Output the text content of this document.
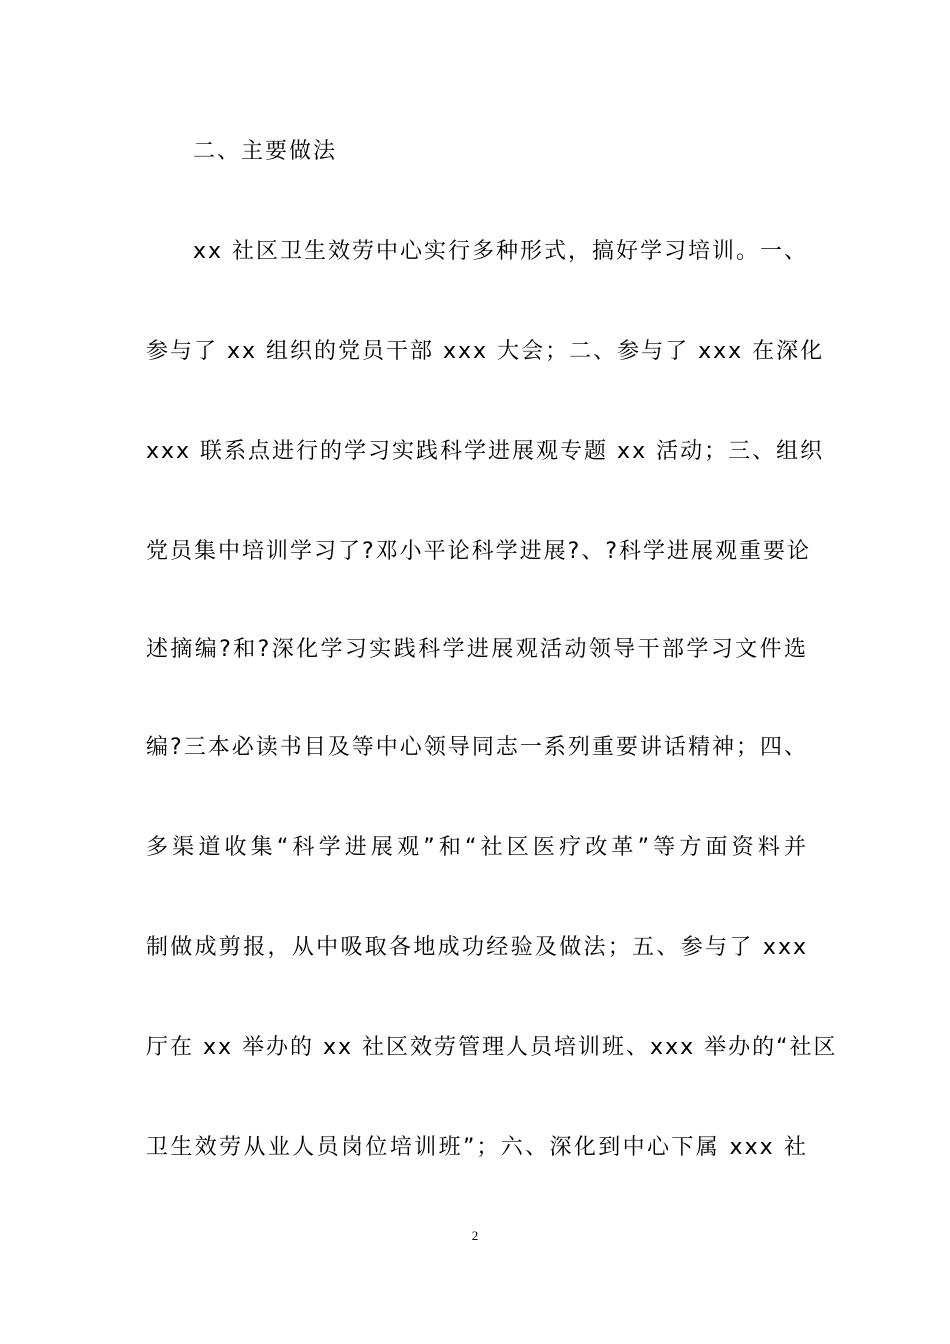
二、主要做法
xx 社区卫生效劳中心实行多种形式，搞好学习培训。一、
参与了 xx 组织的党员干部 xxx 大会；二、参与了 xxx 在深化
xxx 联系点进行的学习实践科学进展观专题 xx 活动；三、组织
党员集中培训学习了?邓小平论科学进展?、?科学进展观重要论
述摘编?和?深化学习实践科学进展观活动领导干部学习文件选
编?三本必读书目及等中心领导同志一系列重要讲话精神；四、
多渠道收集“科学进展观”和“社区医疗改革”等方面资料并
制做成剪报，从中吸取各地成功经验及做法；五、参与了 xxx
厅在 xx 举办的 xx 社区效劳管理人员培训班、xxx 举办的“社区
卫生效劳从业人员岗位培训班”；六、深化到中心下属 xxx 社
2
